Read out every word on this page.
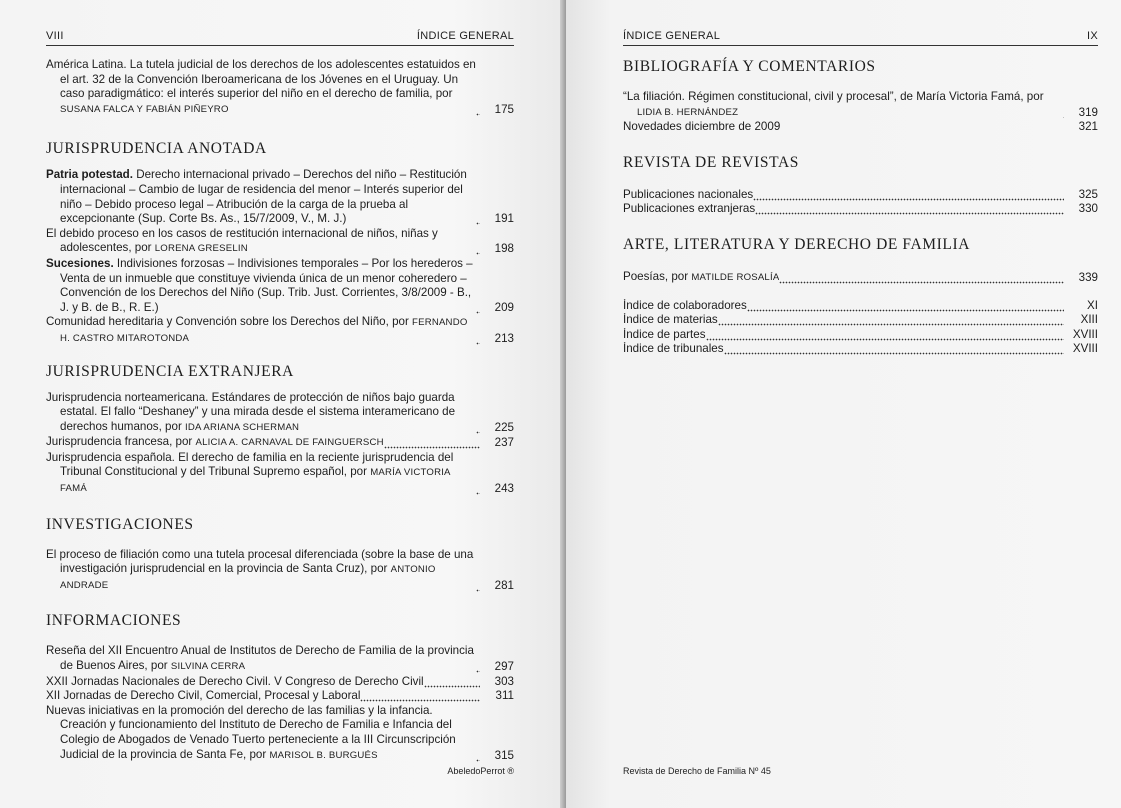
VIII	ÍNDICE GENERAL
América Latina. La tutela judicial de los derechos de los adolescentes estatuidos en el art. 32 de la Convención Iberoamericana de los Jóvenes en el Uruguay. Un caso paradigmático: el interés superior del niño en el derecho de familia, por SUSANA FALCA Y FABIÁN PIÑEYRO	175
JURISPRUDENCIA ANOTADA
Patria potestad. Derecho internacional privado – Derechos del niño – Restitución internacional – Cambio de lugar de residencia del menor – Interés superior del niño – Debido proceso legal – Atribución de la carga de la prueba al excepcionante (Sup. Corte Bs. As., 15/7/2009, V., M. J.)	191
El debido proceso en los casos de restitución internacional de niños, niñas y adolescentes, por LORENA GRESELIN	198
Sucesiones. Indivisiones forzosas – Indivisiones temporales – Por los herederos – Venta de un inmueble que constituye vivienda única de un menor coheredero – Convención de los Derechos del Niño (Sup. Trib. Just. Corrientes, 3/8/2009 - B., J. y B. de B., R. E.)	209
Comunidad hereditaria y Convención sobre los Derechos del Niño, por FERNANDO H. CASTRO MITAROTONDA	213
JURISPRUDENCIA EXTRANJERA
Jurisprudencia norteamericana. Estándares de protección de niños bajo guarda estatal. El fallo “Deshaney” y una mirada desde el sistema interamericano de derechos humanos, por IDA ARIANA SCHERMAN	225
Jurisprudencia francesa, por ALICIA A. CARNAVAL DE FAINGUERSCH	237
Jurisprudencia española. El derecho de familia en la reciente jurisprudencia del Tribunal Constitucional y del Tribunal Supremo español, por MARÍA VICTORIA FAMÁ	243
INVESTIGACIONES
El proceso de filiación como una tutela procesal diferenciada (sobre la base de una investigación jurisprudencial en la provincia de Santa Cruz), por ANTONIO ANDRADE	281
INFORMACIONES
Reseña del XII Encuentro Anual de Institutos de Derecho de Familia de la provincia de Buenos Aires, por SILVINA CERRA	297
XXII Jornadas Nacionales de Derecho Civil. V Congreso de Derecho Civil	303
XII Jornadas de Derecho Civil, Comercial, Procesal y Laboral	311
Nuevas iniciativas en la promoción del derecho de las familias y la infancia. Creación y funcionamiento del Instituto de Derecho de Familia e Infancia del Colegio de Abogados de Venado Tuerto perteneciente a la III Circunscripción Judicial de la provincia de Santa Fe, por MARISOL B. BURGUÉS	315
AbeledoPerrot ®
ÍNDICE GENERAL	IX
BIBLIOGRAFÍA Y COMENTARIOS
“La filiación. Régimen constitucional, civil y procesal”, de María Victoria Famá, por LIDIA B. HERNÁNDEZ	319
Novedades diciembre de 2009	321
REVISTA DE REVISTAS
Publicaciones nacionales	325
Publicaciones extranjeras	330
ARTE, LITERATURA Y DERECHO DE FAMILIA
Poesías, por MATILDE ROSALÍA	339
Índice de colaboradores	XI
Índice de materias	XIII
Índice de partes	XVIII
Índice de tribunales	XVIII
Revista de Derecho de Familia Nº 45
